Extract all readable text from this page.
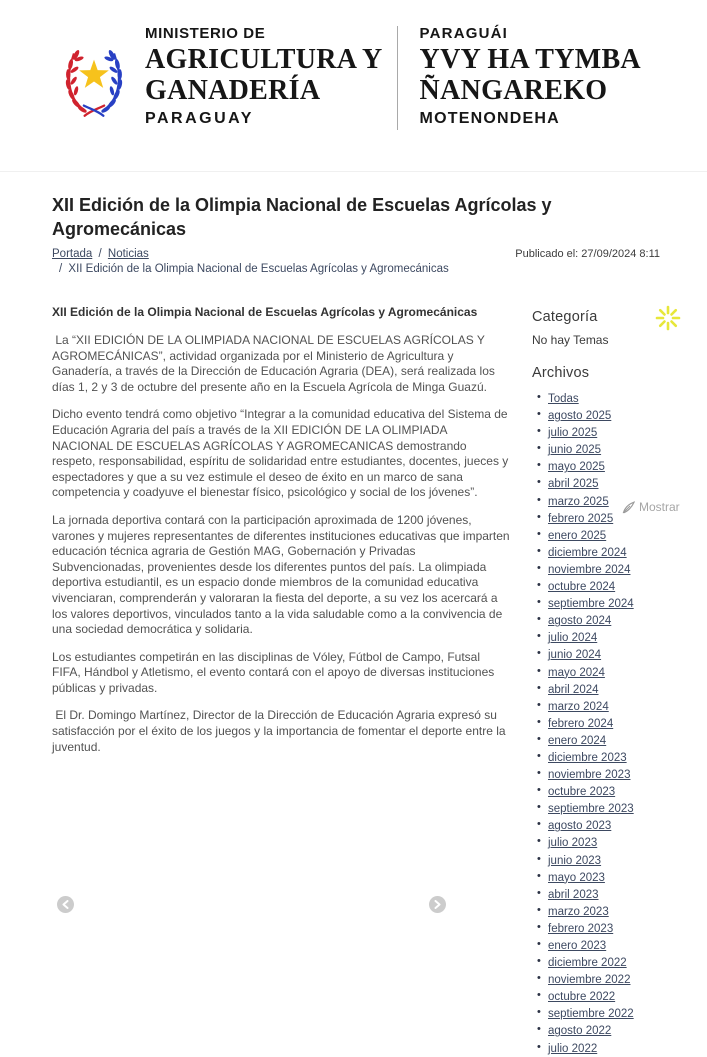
MINISTERIO DE
AGRICULTURA Y
GANADERÍA
PARAGUAY
PARAGUÁI
YVY HA TYMBA
ÑANGAREKO
MOTENONDEHA
XII Edición de la Olimpia Nacional de Escuelas Agrícolas y Agromecánicas
Portada / Noticias
/ XII Edición de la Olimpia Nacional de Escuelas Agrícolas y Agromecánicas
Publicado el: 27/09/2024 8:11
XII Edición de la Olimpia Nacional de Escuelas Agrícolas y Agromecánicas

La “XII EDICIÓN DE LA OLIMPIADA NACIONAL DE ESCUELAS AGRÍCOLAS Y AGROMECÁNICAS”, actividad organizada por el Ministerio de Agricultura y Ganadería, a través de la Dirección de Educación Agraria (DEA), será realizada los días 1, 2 y 3 de octubre del presente año en la Escuela Agrícola de Minga Guazú.

Dicho evento tendrá como objetivo “Integrar a la comunidad educativa del Sistema de Educación Agraria del país a través de la XII EDICIÓN DE LA OLIMPIADA NACIONAL DE ESCUELAS AGRÍCOLAS Y AGROMECANICAS demostrando respeto, responsabilidad, espíritu de solidaridad entre estudiantes, docentes, jueces y espectadores y que a su vez estimule el deseo de éxito en un marco de sana competencia y coadyuve el bienestar físico, psicológico y social de los jóvenes”.

La jornada deportiva contará con la participación aproximada de 1200 jóvenes, varones y mujeres representantes de diferentes instituciones educativas que imparten educación técnica agraria de Gestión MAG, Gobernación y Privadas Subvencionadas, provenientes desde los diferentes puntos del país. La olimpiada deportiva estudiantil, es un espacio donde miembros de la comunidad educativa vivenciaran, comprenderán y valoraran la fiesta del deporte, a su vez los acercará a los valores deportivos, vinculados tanto a la vida saludable como a la convivencia de una sociedad democrática y solidaria.

Los estudiantes competirán en las disciplinas de Vóley, Fútbol de Campo, Futsal FIFA, Hándbol y Atletismo, el evento contará con el apoyo de diversas instituciones públicas y privadas.

El Dr. Domingo Martínez, Director de la Dirección de Educación Agraria expresó su satisfacción por el éxito de los juegos y la importancia de fomentar el deporte entre la juventud.

Categoría
No hay Temas
Archivos
• Todas
• agosto 2025
• julio 2025
• junio 2025
• mayo 2025
• abril 2025
• marzo 2025
• febrero 2025
• enero 2025
• diciembre 2024
• noviembre 2024
• octubre 2024
• septiembre 2024
• agosto 2024
• julio 2024
• junio 2024
• mayo 2024
• abril 2024
• marzo 2024
• febrero 2024
• enero 2024
• diciembre 2023
• noviembre 2023
• octubre 2023
• septiembre 2023
• agosto 2023
• julio 2023
• junio 2023
• mayo 2023
• abril 2023
• marzo 2023
• febrero 2023
• enero 2023
• diciembre 2022
• noviembre 2022
• octubre 2022
• septiembre 2022
• agosto 2022
• julio 2022
Mostrar
